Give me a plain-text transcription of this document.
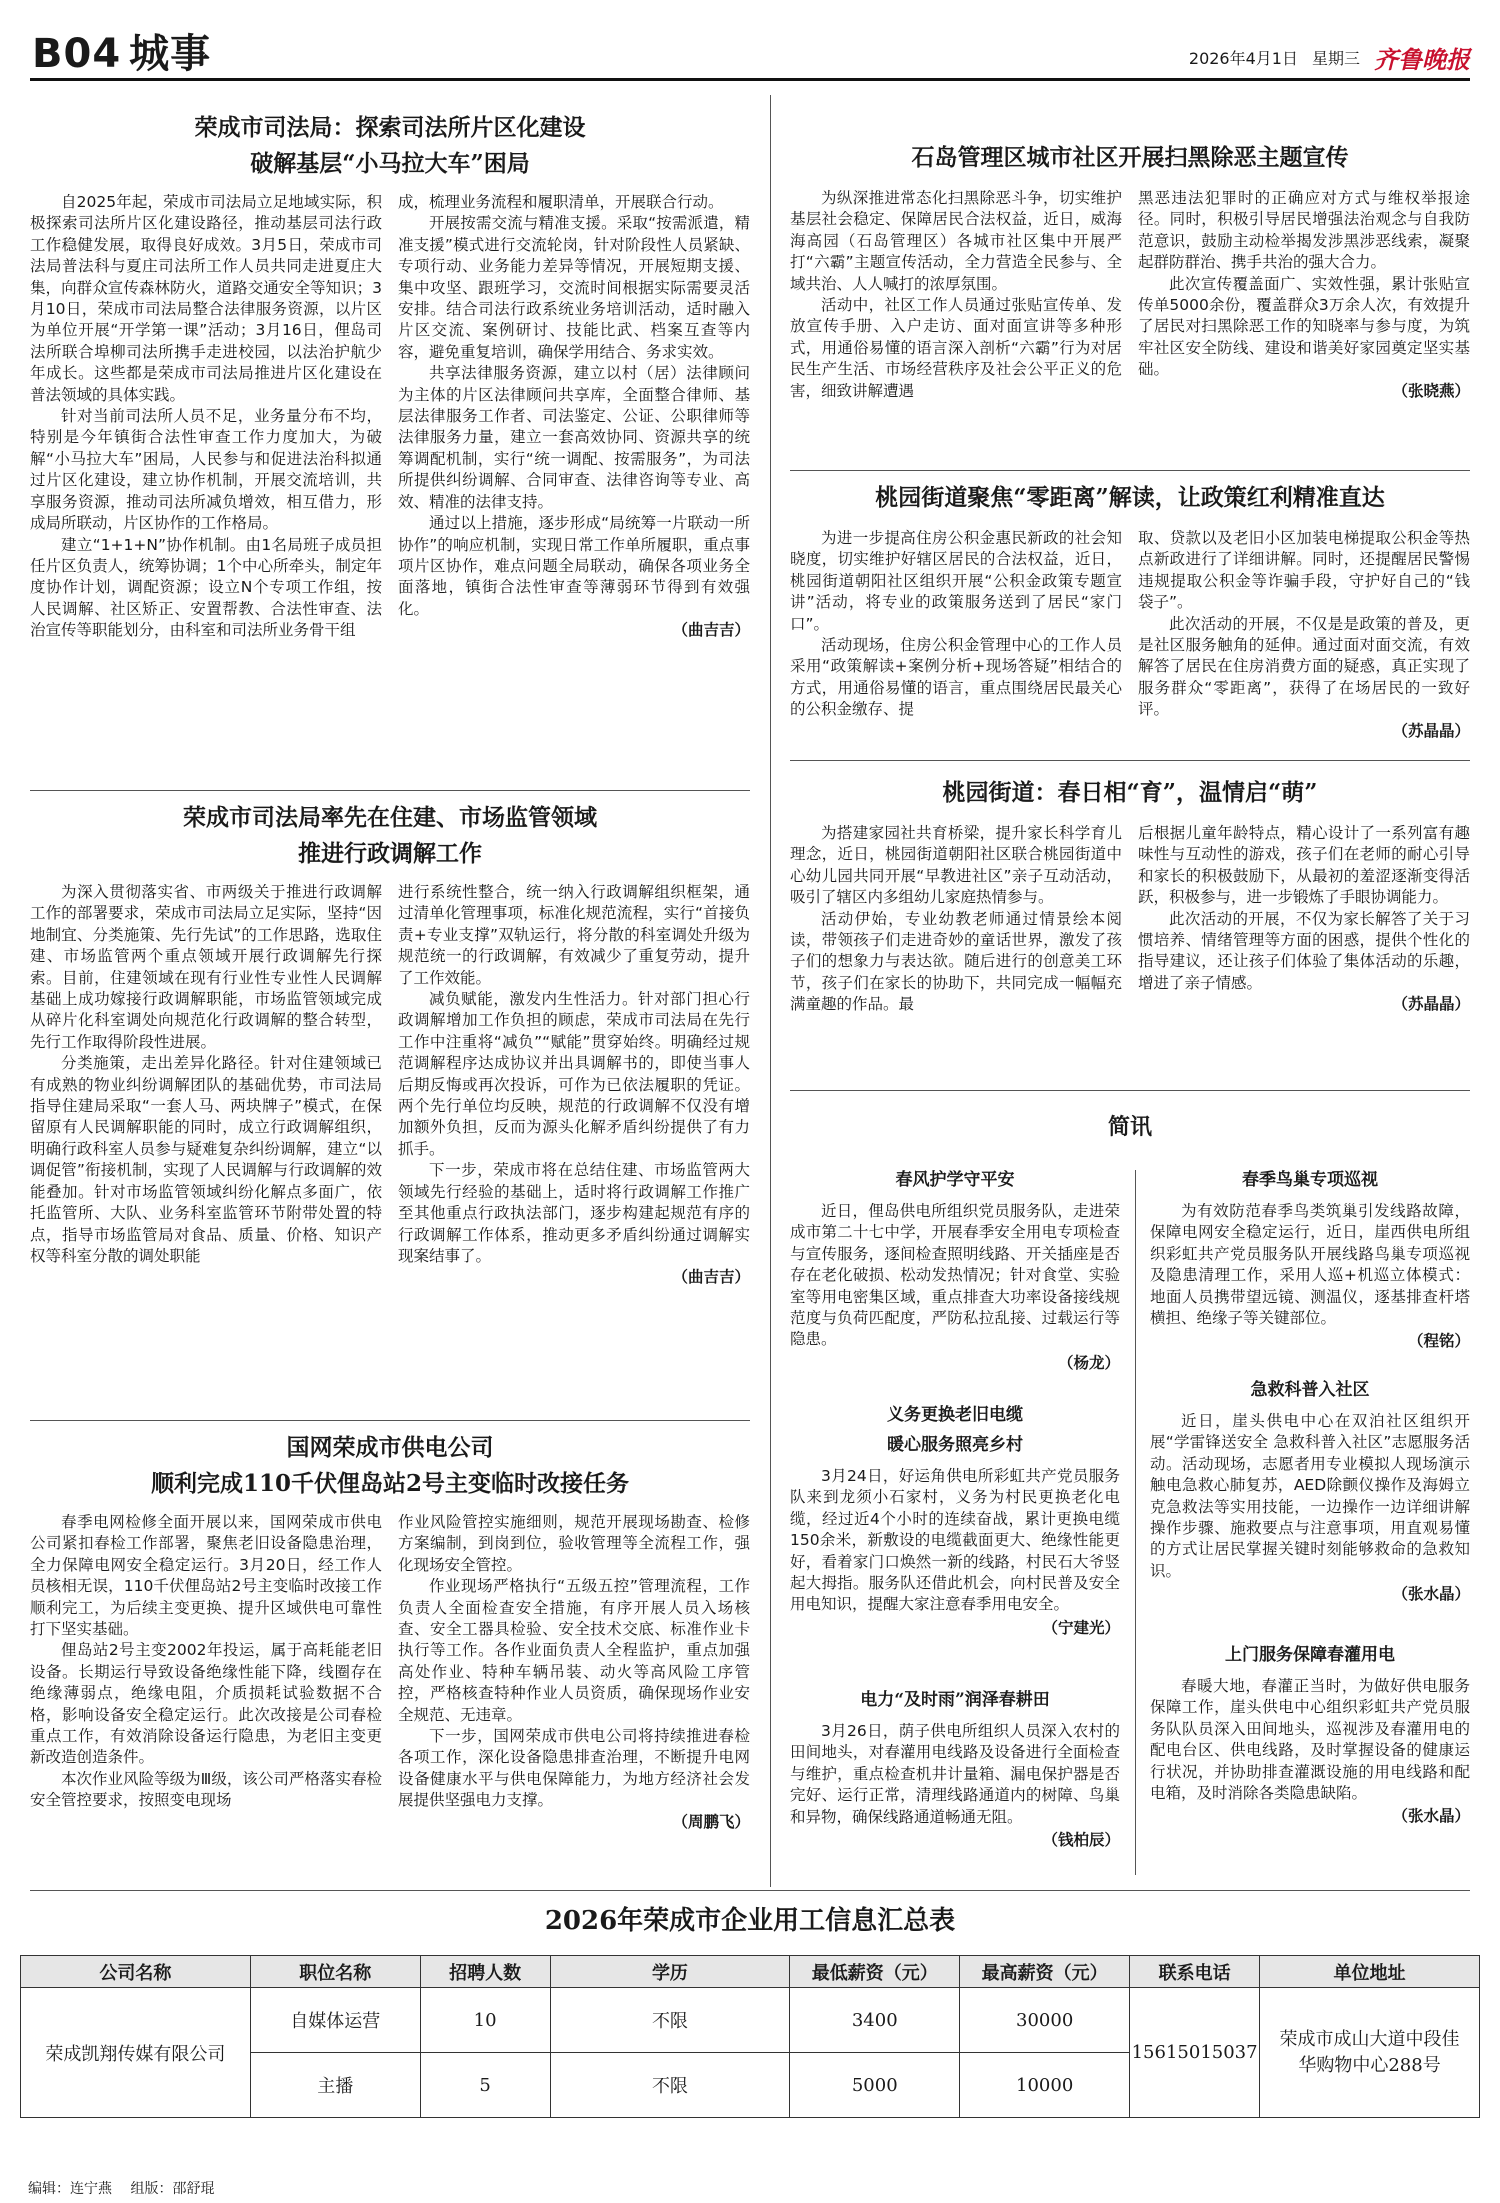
B04 城事	2026年4月1日 星期三 齐鲁晚报
荣成市司法局：探索司法所片区化建设
破解基层“小马拉大车”困局

自2025年起，荣成市司法局立足地域实际，积极探索司法所片区化建设路径，推动基层司法行政工作稳健发展，取得良好成效。3月5日，荣成市司法局普法科与夏庄司法所工作人员共同走进夏庄大集，向群众宣传森林防火，道路交通安全等知识；3月10日，荣成市司法局整合法律服务资源，以片区为单位开展“开学第一课”活动；3月16日，俚岛司法所联合埠柳司法所携手走进校园，以法治护航少年成长。这些都是荣成市司法局推进片区化建设在普法领域的具体实践。

针对当前司法所人员不足，业务量分布不均，特别是今年镇街合法性审查工作力度加大，为破解“小马拉大车”困局，人民参与和促进法治科拟通过片区化建设，建立协作机制，开展交流培训，共享服务资源，推动司法所减负增效，相互借力，形成局所联动，片区协作的工作格局。

建立“1+1+N”协作机制。由1名局班子成员担任片区负责人，统筹协调；1个中心所牵头，制定年度协作计划，调配资源；设立N个专项工作组，按人民调解、社区矫正、安置帮教、合法性审查、法治宣传等职能划分，由科室和司法所业务骨干组

成，梳理业务流程和履职清单，开展联合行动。

开展按需交流与精准支援。采取“按需派遣，精准支援”模式进行交流轮岗，针对阶段性人员紧缺、专项行动、业务能力差异等情况，开展短期支援、集中攻坚、跟班学习，交流时间根据实际需要灵活安排。结合司法行政系统业务培训活动，适时融入片区交流、案例研讨、技能比武、档案互查等内容，避免重复培训，确保学用结合、务求实效。

共享法律服务资源，建立以村（居）法律顾问为主体的片区法律顾问共享库，全面整合律师、基层法律服务工作者、司法鉴定、公证、公职律师等法律服务力量，建立一套高效协同、资源共享的统筹调配机制，实行“统一调配、按需服务”，为司法所提供纠纷调解、合同审查、法律咨询等专业、高效、精准的法律支持。

通过以上措施，逐步形成“局统筹一片联动一所协作”的响应机制，实现日常工作单所履职，重点事项片区协作，难点问题全局联动，确保各项业务全面落地，镇街合法性审查等薄弱环节得到有效强化。

（曲吉吉）
荣成市司法局率先在住建、市场监管领域
推进行政调解工作

为深入贯彻落实省、市两级关于推进行政调解工作的部署要求，荣成市司法局立足实际，坚持“因地制宜、分类施策、先行先试”的工作思路，选取住建、市场监管两个重点领域开展行政调解先行探索。目前，住建领域在现有行业性专业性人民调解基础上成功嫁接行政调解职能，市场监管领域完成从碎片化科室调处向规范化行政调解的整合转型，先行工作取得阶段性进展。

分类施策，走出差异化路径。针对住建领域已有成熟的物业纠纷调解团队的基础优势，市司法局指导住建局采取“一套人马、两块牌子”模式，在保留原有人民调解职能的同时，成立行政调解组织，明确行政科室人员参与疑难复杂纠纷调解，建立“以调促管”衔接机制，实现了人民调解与行政调解的效能叠加。针对市场监管领域纠纷化解点多面广，依托监管所、大队、业务科室监管环节附带处置的特点，指导市场监管局对食品、质量、价格、知识产权等科室分散的调处职能

进行系统性整合，统一纳入行政调解组织框架，通过清单化管理事项，标准化规范流程，实行“首接负责+专业支撑”双轨运行，将分散的科室调处升级为规范统一的行政调解，有效减少了重复劳动，提升了工作效能。

减负赋能，激发内生性活力。针对部门担心行政调解增加工作负担的顾虑，荣成市司法局在先行工作中注重将“减负”“赋能”贯穿始终。明确经过规范调解程序达成协议并出具调解书的，即使当事人后期反悔或再次投诉，可作为已依法履职的凭证。两个先行单位均反映，规范的行政调解不仅没有增加额外负担，反而为源头化解矛盾纠纷提供了有力抓手。

下一步，荣成市将在总结住建、市场监管两大领域先行经验的基础上，适时将行政调解工作推广至其他重点行政执法部门，逐步构建起规范有序的行政调解工作体系，推动更多矛盾纠纷通过调解实现案结事了。

（曲吉吉）
国网荣成市供电公司
顺利完成110千伏俚岛站2号主变临时改接任务

春季电网检修全面开展以来，国网荣成市供电公司紧扣春检工作部署，聚焦老旧设备隐患治理，全力保障电网安全稳定运行。3月20日，经工作人员核相无误，110千伏俚岛站2号主变临时改接工作顺利完工，为后续主变更换、提升区域供电可靠性打下坚实基础。

俚岛站2号主变2002年投运，属于高耗能老旧设备。长期运行导致设备绝缘性能下降，线圈存在绝缘薄弱点，绝缘电阻，介质损耗试验数据不合格，影响设备安全稳定运行。此次改接是公司春检重点工作，有效消除设备运行隐患，为老旧主变更新改造创造条件。

本次作业风险等级为Ⅲ级，该公司严格落实春检安全管控要求，按照变电现场

作业风险管控实施细则，规范开展现场勘查、检修方案编制，到岗到位，验收管理等全流程工作，强化现场安全管控。

作业现场严格执行“五级五控”管理流程，工作负责人全面检查安全措施，有序开展人员入场核查、安全工器具检验、安全技术交底、标准作业卡执行等工作。各作业面负责人全程监护，重点加强高处作业、特种车辆吊装、动火等高风险工序管控，严格核查特种作业人员资质，确保现场作业安全规范、无违章。

下一步，国网荣成市供电公司将持续推进春检各项工作，深化设备隐患排查治理，不断提升电网设备健康水平与供电保障能力，为地方经济社会发展提供坚强电力支撑。

（周鹏飞）
石岛管理区城市社区开展扫黑除恶主题宣传

为纵深推进常态化扫黑除恶斗争，切实维护基层社会稳定、保障居民合法权益，近日，威海海高园（石岛管理区）各城市社区集中开展严打“六霸”主题宣传活动，全力营造全民参与、全域共治、人人喊打的浓厚氛围。

活动中，社区工作人员通过张贴宣传单、发放宣传手册、入户走访、面对面宣讲等多种形式，用通俗易懂的语言深入剖析“六霸”行为对居民生产生活、市场经营秩序及社会公平正义的危害，细致讲解遭遇

黑恶违法犯罪时的正确应对方式与维权举报途径。同时，积极引导居民增强法治观念与自我防范意识，鼓励主动检举揭发涉黑涉恶线索，凝聚起群防群治、携手共治的强大合力。

此次宣传覆盖面广、实效性强，累计张贴宣传单5000余份，覆盖群众3万余人次，有效提升了居民对扫黑除恶工作的知晓率与参与度，为筑牢社区安全防线、建设和谐美好家园奠定坚实基础。

（张晓燕）
桃园街道聚焦“零距离”解读，让政策红利精准直达

为进一步提高住房公积金惠民新政的社会知晓度，切实维护好辖区居民的合法权益，近日，桃园街道朝阳社区组织开展“公积金政策专题宣讲”活动，将专业的政策服务送到了居民“家门口”。

活动现场，住房公积金管理中心的工作人员采用“政策解读+案例分析+现场答疑”相结合的方式，用通俗易懂的语言，重点围绕居民最关心的公积金缴存、提

取、贷款以及老旧小区加装电梯提取公积金等热点新政进行了详细讲解。同时，还提醒居民警惕违规提取公积金等诈骗手段，守护好自己的“钱袋子”。

此次活动的开展，不仅是是政策的普及，更是社区服务触角的延伸。通过面对面交流，有效解答了居民在住房消费方面的疑惑，真正实现了服务群众“零距离”，获得了在场居民的一致好评。

（苏晶晶）
桃园街道：春日相“育”，温情启“萌”

为搭建家园社共育桥梁，提升家长科学育儿理念，近日，桃园街道朝阳社区联合桃园街道中心幼儿园共同开展“早教进社区”亲子互动活动，吸引了辖区内多组幼儿家庭热情参与。

活动伊始，专业幼教老师通过情景绘本阅读，带领孩子们走进奇妙的童话世界，激发了孩子们的想象力与表达欲。随后进行的创意美工环节，孩子们在家长的协助下，共同完成一幅幅充满童趣的作品。最

后根据儿童年龄特点，精心设计了一系列富有趣味性与互动性的游戏，孩子们在老师的耐心引导和家长的积极鼓励下，从最初的羞涩逐渐变得活跃，积极参与，进一步锻炼了手眼协调能力。

此次活动的开展，不仅为家长解答了关于习惯培养、情绪管理等方面的困惑，提供个性化的指导建议，还让孩子们体验了集体活动的乐趣，增进了亲子情感。

（苏晶晶）
简讯
春风护学守平安

近日，俚岛供电所组织党员服务队，走进荣成市第二十七中学，开展春季安全用电专项检查与宣传服务，逐间检查照明线路、开关插座是否存在老化破损、松动发热情况；针对食堂、实验室等用电密集区域，重点排查大功率设备接线规范度与负荷匹配度，严防私拉乱接、过载运行等隐患。

（杨龙）
义务更换老旧电缆
暖心服务照亮乡村

3月24日，好运角供电所彩虹共产党员服务队来到龙须小石家村，义务为村民更换老化电缆，经过近4个小时的连续奋战，累计更换电缆150余米，新敷设的电缆截面更大、绝缘性能更好，看着家门口焕然一新的线路，村民石大爷竖起大拇指。服务队还借此机会，向村民普及安全用电知识，提醒大家注意春季用电安全。

（宁建光）
电力“及时雨”润泽春耕田

3月26日，荫子供电所组织人员深入农村的田间地头，对春灌用电线路及设备进行全面检查与维护，重点检查机井计量箱、漏电保护器是否完好、运行正常，清理线路通道内的树障、鸟巢和异物，确保线路通道畅通无阻。

（钱柏辰）
春季鸟巢专项巡视

为有效防范春季鸟类筑巢引发线路故障，保障电网安全稳定运行，近日，崖西供电所组织彩虹共产党员服务队开展线路鸟巢专项巡视及隐患清理工作，采用人巡+机巡立体模式：地面人员携带望远镜、测温仪，逐基排查杆塔横担、绝缘子等关键部位。

（程铭）
急救科普入社区

近日，崖头供电中心在双泊社区组织开展“学雷锋送安全 急救科普入社区”志愿服务活动。活动现场，志愿者用专业模拟人现场演示触电急救心肺复苏，AED除颤仪操作及海姆立克急救法等实用技能，一边操作一边详细讲解操作步骤、施救要点与注意事项，用直观易懂的方式让居民掌握关键时刻能够救命的急救知识。

（张水晶）
上门服务保障春灌用电

春暖大地，春灌正当时，为做好供电服务保障工作，崖头供电中心组织彩虹共产党员服务队队员深入田间地头，巡视涉及春灌用电的配电台区、供电线路，及时掌握设备的健康运行状况，并协助排查灌溉设施的用电线路和配电箱，及时消除各类隐患缺陷。

（张水晶）
2026年荣成市企业用工信息汇总表
公司名称	职位名称	招聘人数	学历	最低薪资（元）	最高薪资（元）	联系电话	单位地址
荣成凯翔传媒有限公司	自媒体运营	10	不限	3400	30000	15615015037	荣成市成山大道中段佳华购物中心288号
	主播	5	不限	5000	10000		
编辑：连宁燕 组版：邵舒琨
